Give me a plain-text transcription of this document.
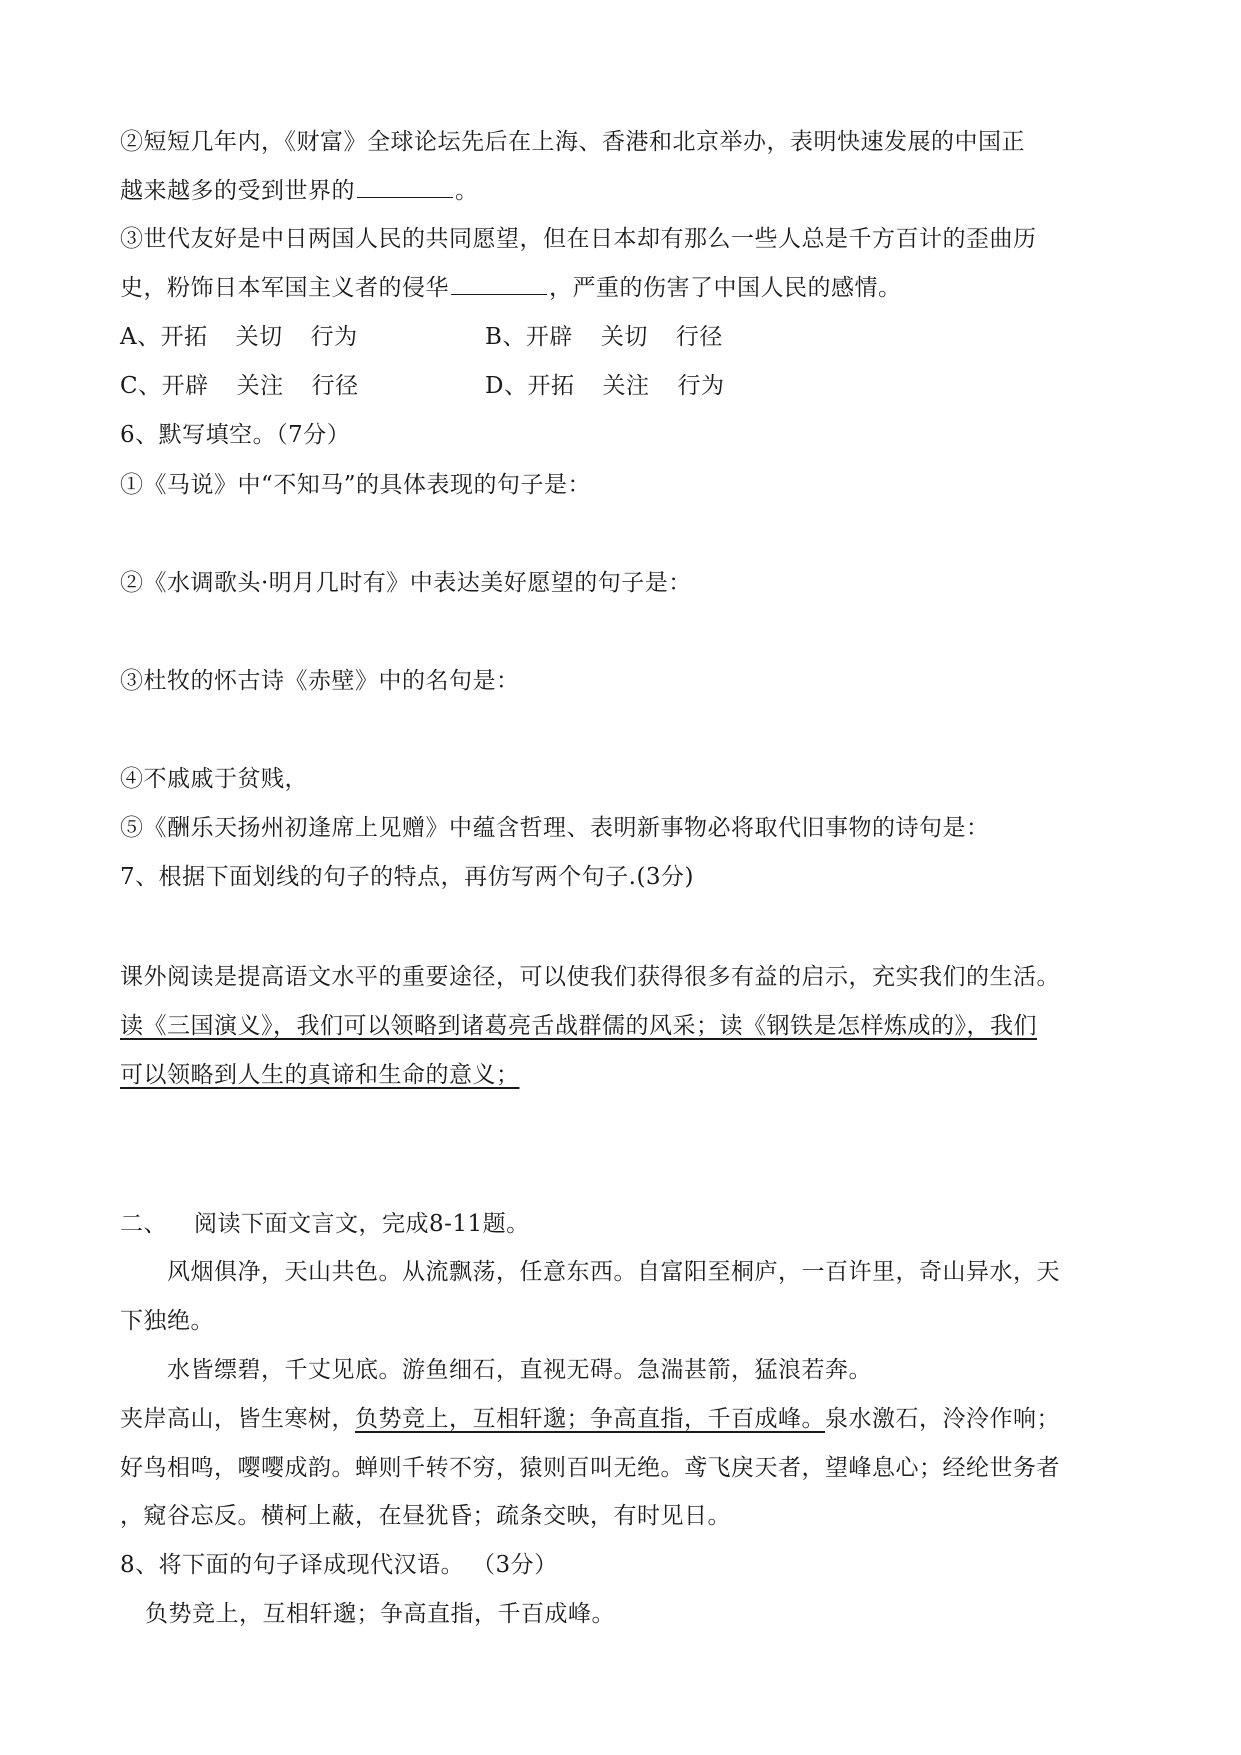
②短短几年内，《财富》全球论坛先后在上海、香港和北京举办，表明快速发展的中国正
越来越多的受到世界的	。
③世代友好是中日两国人民的共同愿望，但在日本却有那么一些人总是千方百计的歪曲历
史，粉饰日本军国主义者的侵华	，严重的伤害了中国人民的感情。
A、开拓 关切 行为	B、开辟 关切 行径
C、开辟 关注 行径	D、开拓 关注 行为
6、默写填空。（7分）
①《马说》中“不知马”的具体表现的句子是：
②《水调歌头·明月几时有》中表达美好愿望的句子是：
③杜牧的怀古诗《赤壁》中的名句是：
④不戚戚于贫贱，
⑤《酬乐天扬州初逢席上见赠》中蕴含哲理、表明新事物必将取代旧事物的诗句是：
7、根据下面划线的句子的特点，再仿写两个句子.(3分)
课外阅读是提高语文水平的重要途径，可以使我们获得很多有益的启示，充实我们的生活。
读《三国演义》，我们可以领略到诸葛亮舌战群儒的风采；读《钢铁是怎样炼成的》，我们
可以领略到人生的真谛和生命的意义；
二、 阅读下面文言文，完成8-11题。
风烟俱净，天山共色。从流飘荡，任意东西。自富阳至桐庐，一百许里，奇山异水，天
下独绝。
水皆缥碧，千丈见底。游鱼细石，直视无碍。急湍甚箭，猛浪若奔。
夹岸高山，皆生寒树，负势竞上，互相轩邈；争高直指，千百成峰。泉水激石，泠泠作响；
好鸟相鸣，嘤嘤成韵。蝉则千转不穷，猿则百叫无绝。鸢飞戾天者，望峰息心；经纶世务者
，窥谷忘反。横柯上蔽，在昼犹昏；疏条交映，有时见日。
8、将下面的句子译成现代汉语。 （3分）
负势竞上，互相轩邈；争高直指，千百成峰。
